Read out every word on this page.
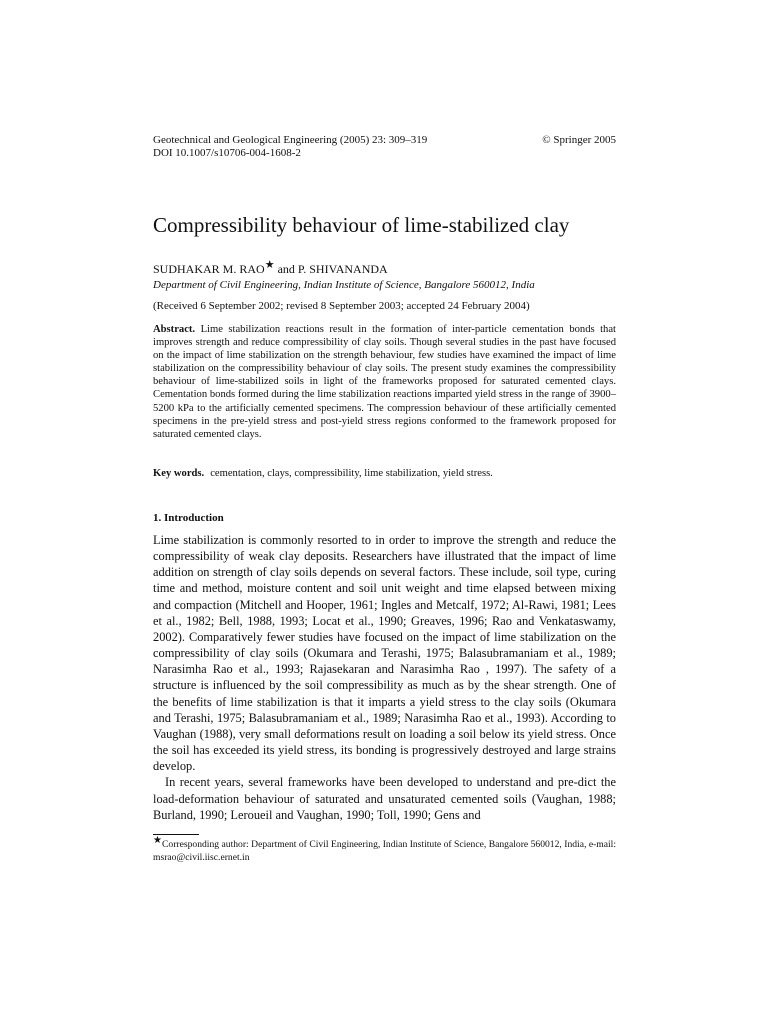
Geotechnical and Geological Engineering (2005) 23: 309–319	© Springer 2005
DOI 10.1007/s10706-004-1608-2
Compressibility behaviour of lime-stabilized clay
SUDHAKAR M. RAO★ and P. SHIVANANDA
Department of Civil Engineering, Indian Institute of Science, Bangalore 560012, India
(Received 6 September 2002; revised 8 September 2003; accepted 24 February 2004)
Abstract. Lime stabilization reactions result in the formation of inter-particle cementation bonds that improves strength and reduce compressibility of clay soils. Though several studies in the past have focused on the impact of lime stabilization on the strength behaviour, few studies have examined the impact of lime stabilization on the compressibility behaviour of clay soils. The present study examines the compressibility behaviour of lime-stabilized soils in light of the frameworks proposed for saturated cemented clays. Cementation bonds formed during the lime stabilization reactions imparted yield stress in the range of 3900–5200 kPa to the artificially cemented specimens. The compression behaviour of these artificially cemented specimens in the pre-yield stress and post-yield stress regions conformed to the framework proposed for saturated cemented clays.
Key words. cementation, clays, compressibility, lime stabilization, yield stress.
1. Introduction

Lime stabilization is commonly resorted to in order to improve the strength and reduce the compressibility of weak clay deposits. Researchers have illustrated that the impact of lime addition on strength of clay soils depends on several factors. These include, soil type, curing time and method, moisture content and soil unit weight and time elapsed between mixing and compaction (Mitchell and Hooper, 1961; Ingles and Metcalf, 1972; Al-Rawi, 1981; Lees et al., 1982; Bell, 1988, 1993; Locat et al., 1990; Greaves, 1996; Rao and Venkataswamy, 2002). Comparatively fewer studies have focused on the impact of lime stabilization on the compressibility of clay soils (Okumara and Terashi, 1975; Balasubramaniam et al., 1989; Narasimha Rao et al., 1993; Rajasekaran and Narasimha Rao , 1997). The safety of a structure is influenced by the soil compressibility as much as by the shear strength. One of the benefits of lime stabilization is that it imparts a yield stress to the clay soils (Okumara and Terashi, 1975; Balasubramaniam et al., 1989; Narasimha Rao et al., 1993). According to Vaughan (1988), very small deformations result on loading a soil below its yield stress. Once the soil has exceeded its yield stress, its bonding is progressively destroyed and large strains develop.

In recent years, several frameworks have been developed to understand and pre-dict the load-deformation behaviour of saturated and unsaturated cemented soils (Vaughan, 1988; Burland, 1990; Leroueil and Vaughan, 1990; Toll, 1990; Gens and

★Corresponding author: Department of Civil Engineering, Indian Institute of Science, Bangalore 560012, India, e-mail: msrao@civil.iisc.ernet.in
